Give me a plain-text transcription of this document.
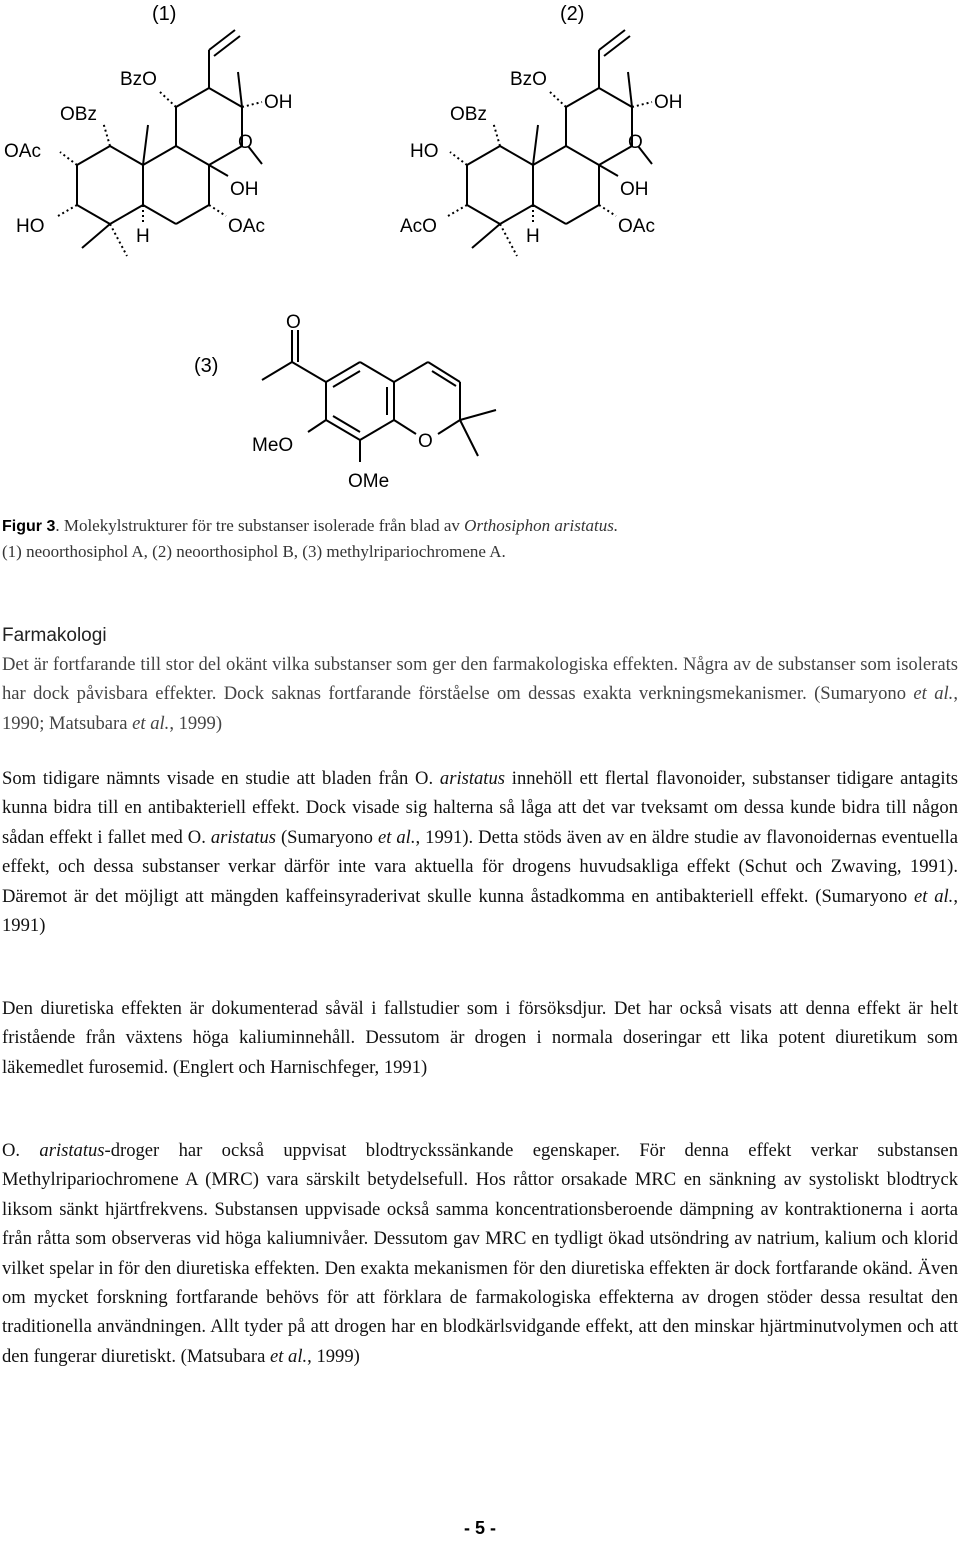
(1)
OAc
OBz
BzO
OH
O
OH
HO	H	OAc
(2)
HO
OBz
BzO
OH
O
OH
AcO	H	OAc
(3)
O
MeO	O
OMe
Figur 3. Molekylstrukturer för tre substanser isolerade från blad av Orthosiphon aristatus.
(1) neoorthosiphol A, (2) neoorthosiphol B, (3) methylripariochromene A.
Farmakologi

Det är fortfarande till stor del okänt vilka substanser som ger den farmakologiska effekten. Några av de substanser som isolerats har dock påvisbara effekter. Dock saknas fortfarande förståelse om dessas exakta verkningsmekanismer. (Sumaryono et al., 1990; Matsubara et al., 1999)

Som tidigare nämnts visade en studie att bladen från O. aristatus innehöll ett flertal flavonoider, substanser tidigare antagits kunna bidra till en antibakteriell effekt. Dock visade sig halterna så låga att det var tveksamt om dessa kunde bidra till någon sådan effekt i fallet med O. aristatus (Sumaryono et al., 1991). Detta stöds även av en äldre studie av flavonoidernas eventuella effekt, och dessa substanser verkar därför inte vara aktuella för drogens huvudsakliga effekt (Schut och Zwaving, 1991). Däremot är det möjligt att mängden kaffeinsyraderivat skulle kunna åstadkomma en antibakteriell effekt. (Sumaryono et al., 1991)

Den diuretiska effekten är dokumenterad såväl i fallstudier som i försöksdjur. Det har också visats att denna effekt är helt fristående från växtens höga kaliuminnehåll. Dessutom är drogen i normala doseringar ett lika potent diuretikum som läkemedlet furosemid. (Englert och Harnischfeger, 1991)

O. aristatus-droger har också uppvisat blodtryckssänkande egenskaper. För denna effekt verkar substansen Methylripariochromene A (MRC) vara särskilt betydelsefull. Hos råttor orsakade MRC en sänkning av systoliskt blodtryck liksom sänkt hjärtfrekvens. Substansen uppvisade också samma koncentrationsberoende dämpning av kontraktionerna i aorta från råtta som observeras vid höga kaliumnivåer. Dessutom gav MRC en tydligt ökad utsöndring av natrium, kalium och klorid vilket spelar in för den diuretiska effekten. Den exakta mekanismen för den diuretiska effekten är dock fortfarande okänd. Även om mycket forskning fortfarande behövs för att förklara de farmakologiska effekterna av drogen stöder dessa resultat den traditionella användningen. Allt tyder på att drogen har en blodkärlsvidgande effekt, att den minskar hjärtminutvolymen och att den fungerar diuretiskt. (Matsubara et al., 1999)

- 5 -
